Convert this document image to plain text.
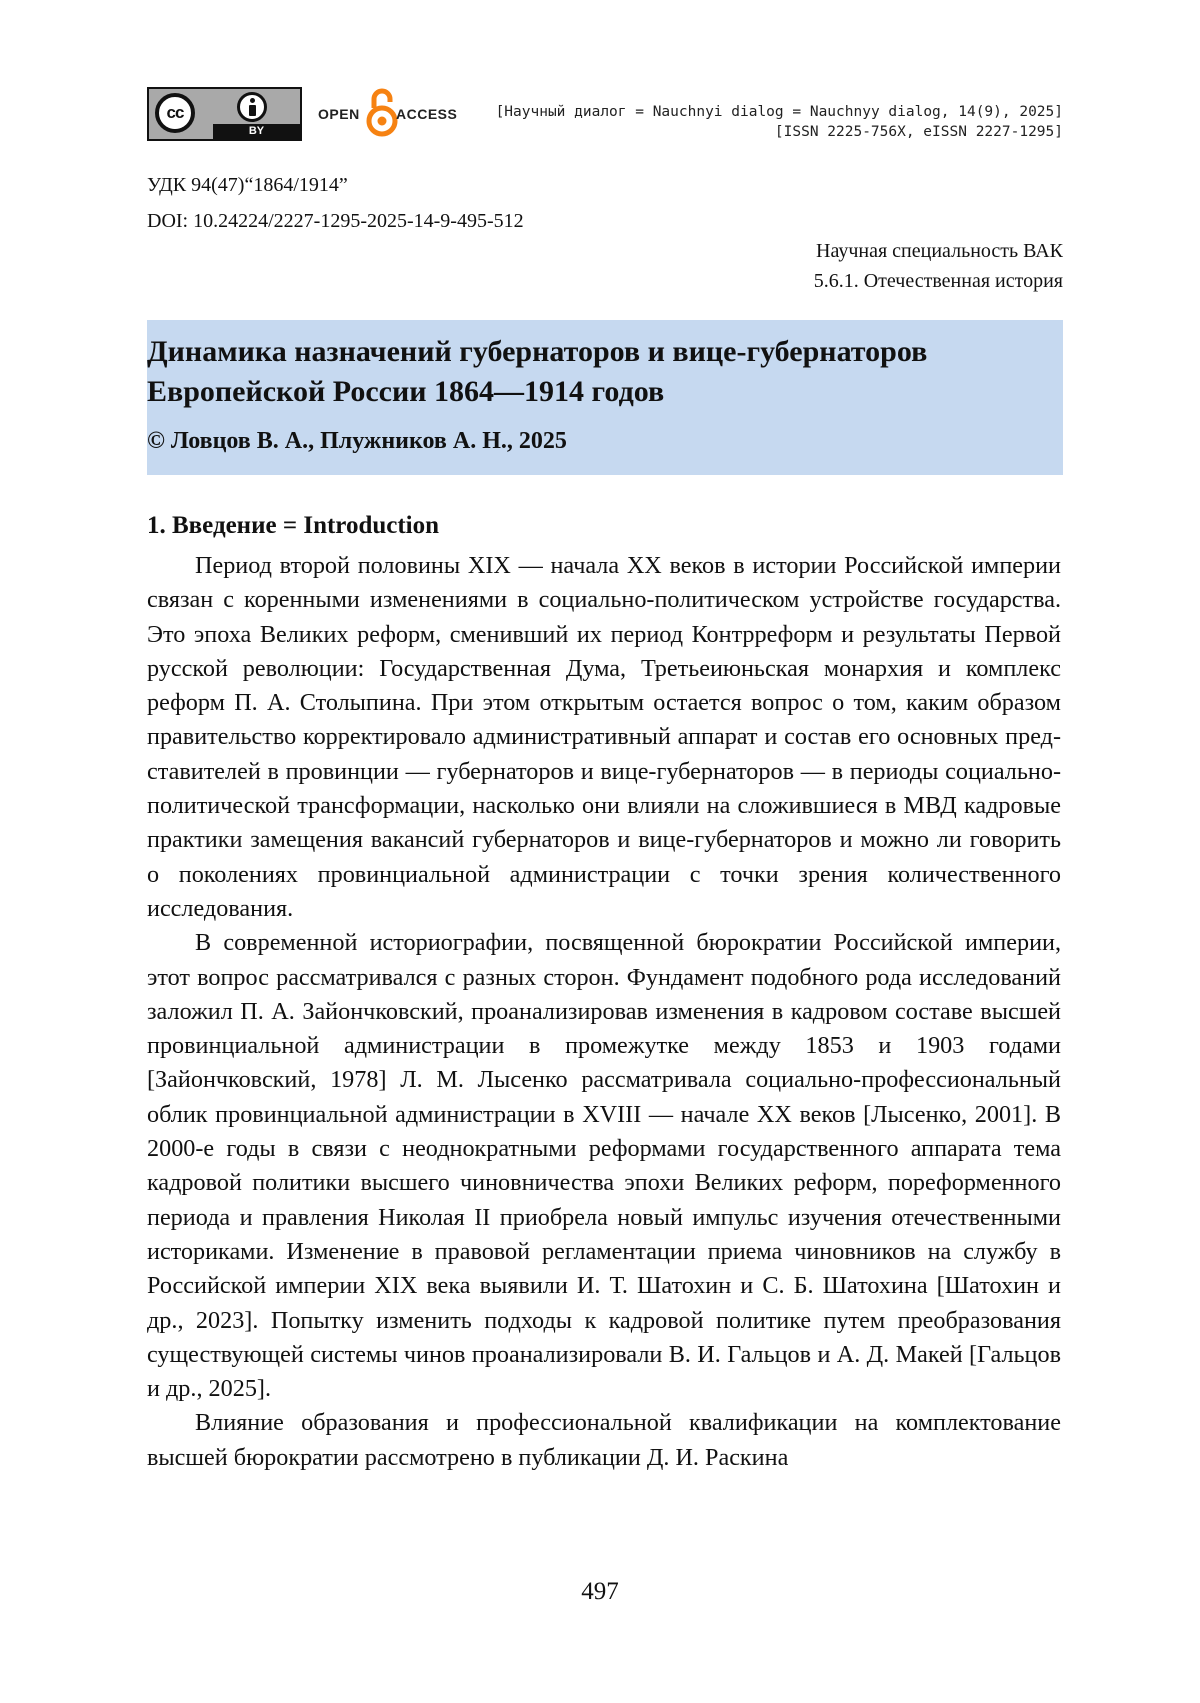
cc
BY
OPEN	ACCESS	[Научный диалог = Nauchnyi dialog = Nauchnyy dialog, 14(9), 2025]
[ISSN 2225-756X, eISSN 2227-1295]
УДК 94(47)“1864/1914”
DOI: 10.24224/2227-1295-2025-14-9-495-512
Научная специальность ВАК
5.6.1. Отечественная история
Динамика назначений губернаторов и вице-губернаторов
Европейской России 1864—1914 годов
© Ловцов В. А., Плужников А. Н., 2025
1. Введение = Introduction

Период второй половины XIX — начала XX веков в истории Российской империи связан с коренными изменениями в социально-политическом устройстве государства. Это эпоха Великих реформ, сменивший их период Контрреформ и результаты Первой русской революции: Государственная Дума, Третьеиюньская монархия и комплекс реформ П. А. Столыпина. При этом открытым остается вопрос о том, каким образом правительство корректировало административный аппарат и состав его основных представителей в провинции — губернаторов и вице-губернаторов — в периоды социально-политической трансформации, насколько они влияли на сложившиеся в МВД кадровые практики замещения вакансий губернаторов и вице-губернаторов и можно ли говорить о поколениях провинциальной администрации с точки зрения количественного исследования.

В современной историографии, посвященной бюрократии Российской империи, этот вопрос рассматривался с разных сторон. Фундамент подобного рода исследований заложил П. А. Зайончковский, проанализировав изменения в кадровом составе высшей провинциальной администрации в промежутке между 1853 и 1903 годами [Зайончковский, 1978] Л. М. Лысенко рассматривала социально-профессиональный облик провинциальной администрации в XVIII — начале XX веков [Лысенко, 2001]. В 2000-е годы в связи с неоднократными реформами государственного аппарата тема кадровой политики высшего чиновничества эпохи Великих реформ, пореформенного периода и правления Николая II приобрела новый импульс изучения отечественными историками. Изменение в правовой регламентации приема чиновников на службу в Российской империи XIX века выявили И. Т. Шатохин и С. Б. Шатохина [Шатохин и др., 2023]. Попытку изменить подходы к кадровой политике путем преобразования существующей системы чинов проанализировали В. И. Гальцов и А. Д. Макей [Гальцов и др., 2025].

Влияние образования и профессиональной квалификации на комплектование высшей бюрократии рассмотрено в публикации Д. И. Раскина

497
